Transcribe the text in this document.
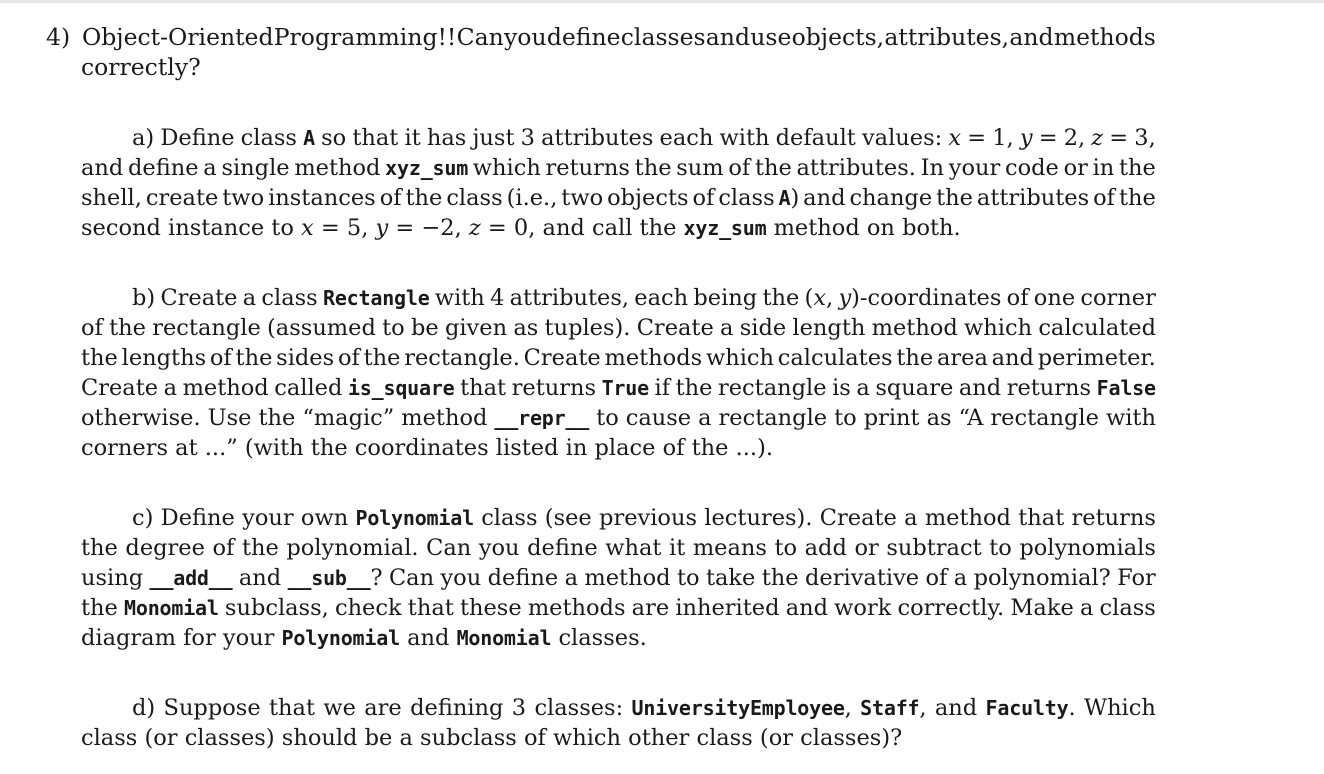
4) Object-Oriented Programming!! Can you define classes and use objects, attributes, and methods
correctly?
a) Define class A so that it has just 3 attributes each with default values: x = 1, y = 2, z = 3,
and define a single method xyz_sum which returns the sum of the attributes. In your code or in the
shell, create two instances of the class (i.e., two objects of class A) and change the attributes of the
second instance to x = 5, y = −2, z = 0, and call the xyz_sum method on both.
b) Create a class Rectangle with 4 attributes, each being the (x, y)-coordinates of one corner
of the rectangle (assumed to be given as tuples). Create a side length method which calculated
the lengths of the sides of the rectangle. Create methods which calculates the area and perimeter.
Create a method called is_square that returns True if the rectangle is a square and returns False
otherwise. Use the “magic” method __repr__ to cause a rectangle to print as “A rectangle with
corners at ...” (with the coordinates listed in place of the ...).
c) Define your own Polynomial class (see previous lectures). Create a method that returns
the degree of the polynomial. Can you define what it means to add or subtract to polynomials
using __add__ and __sub__? Can you define a method to take the derivative of a polynomial? For
the Monomial subclass, check that these methods are inherited and work correctly. Make a class
diagram for your Polynomial and Monomial classes.
d) Suppose that we are defining 3 classes: UniversityEmployee, Staff, and Faculty. Which
class (or classes) should be a subclass of which other class (or classes)?
